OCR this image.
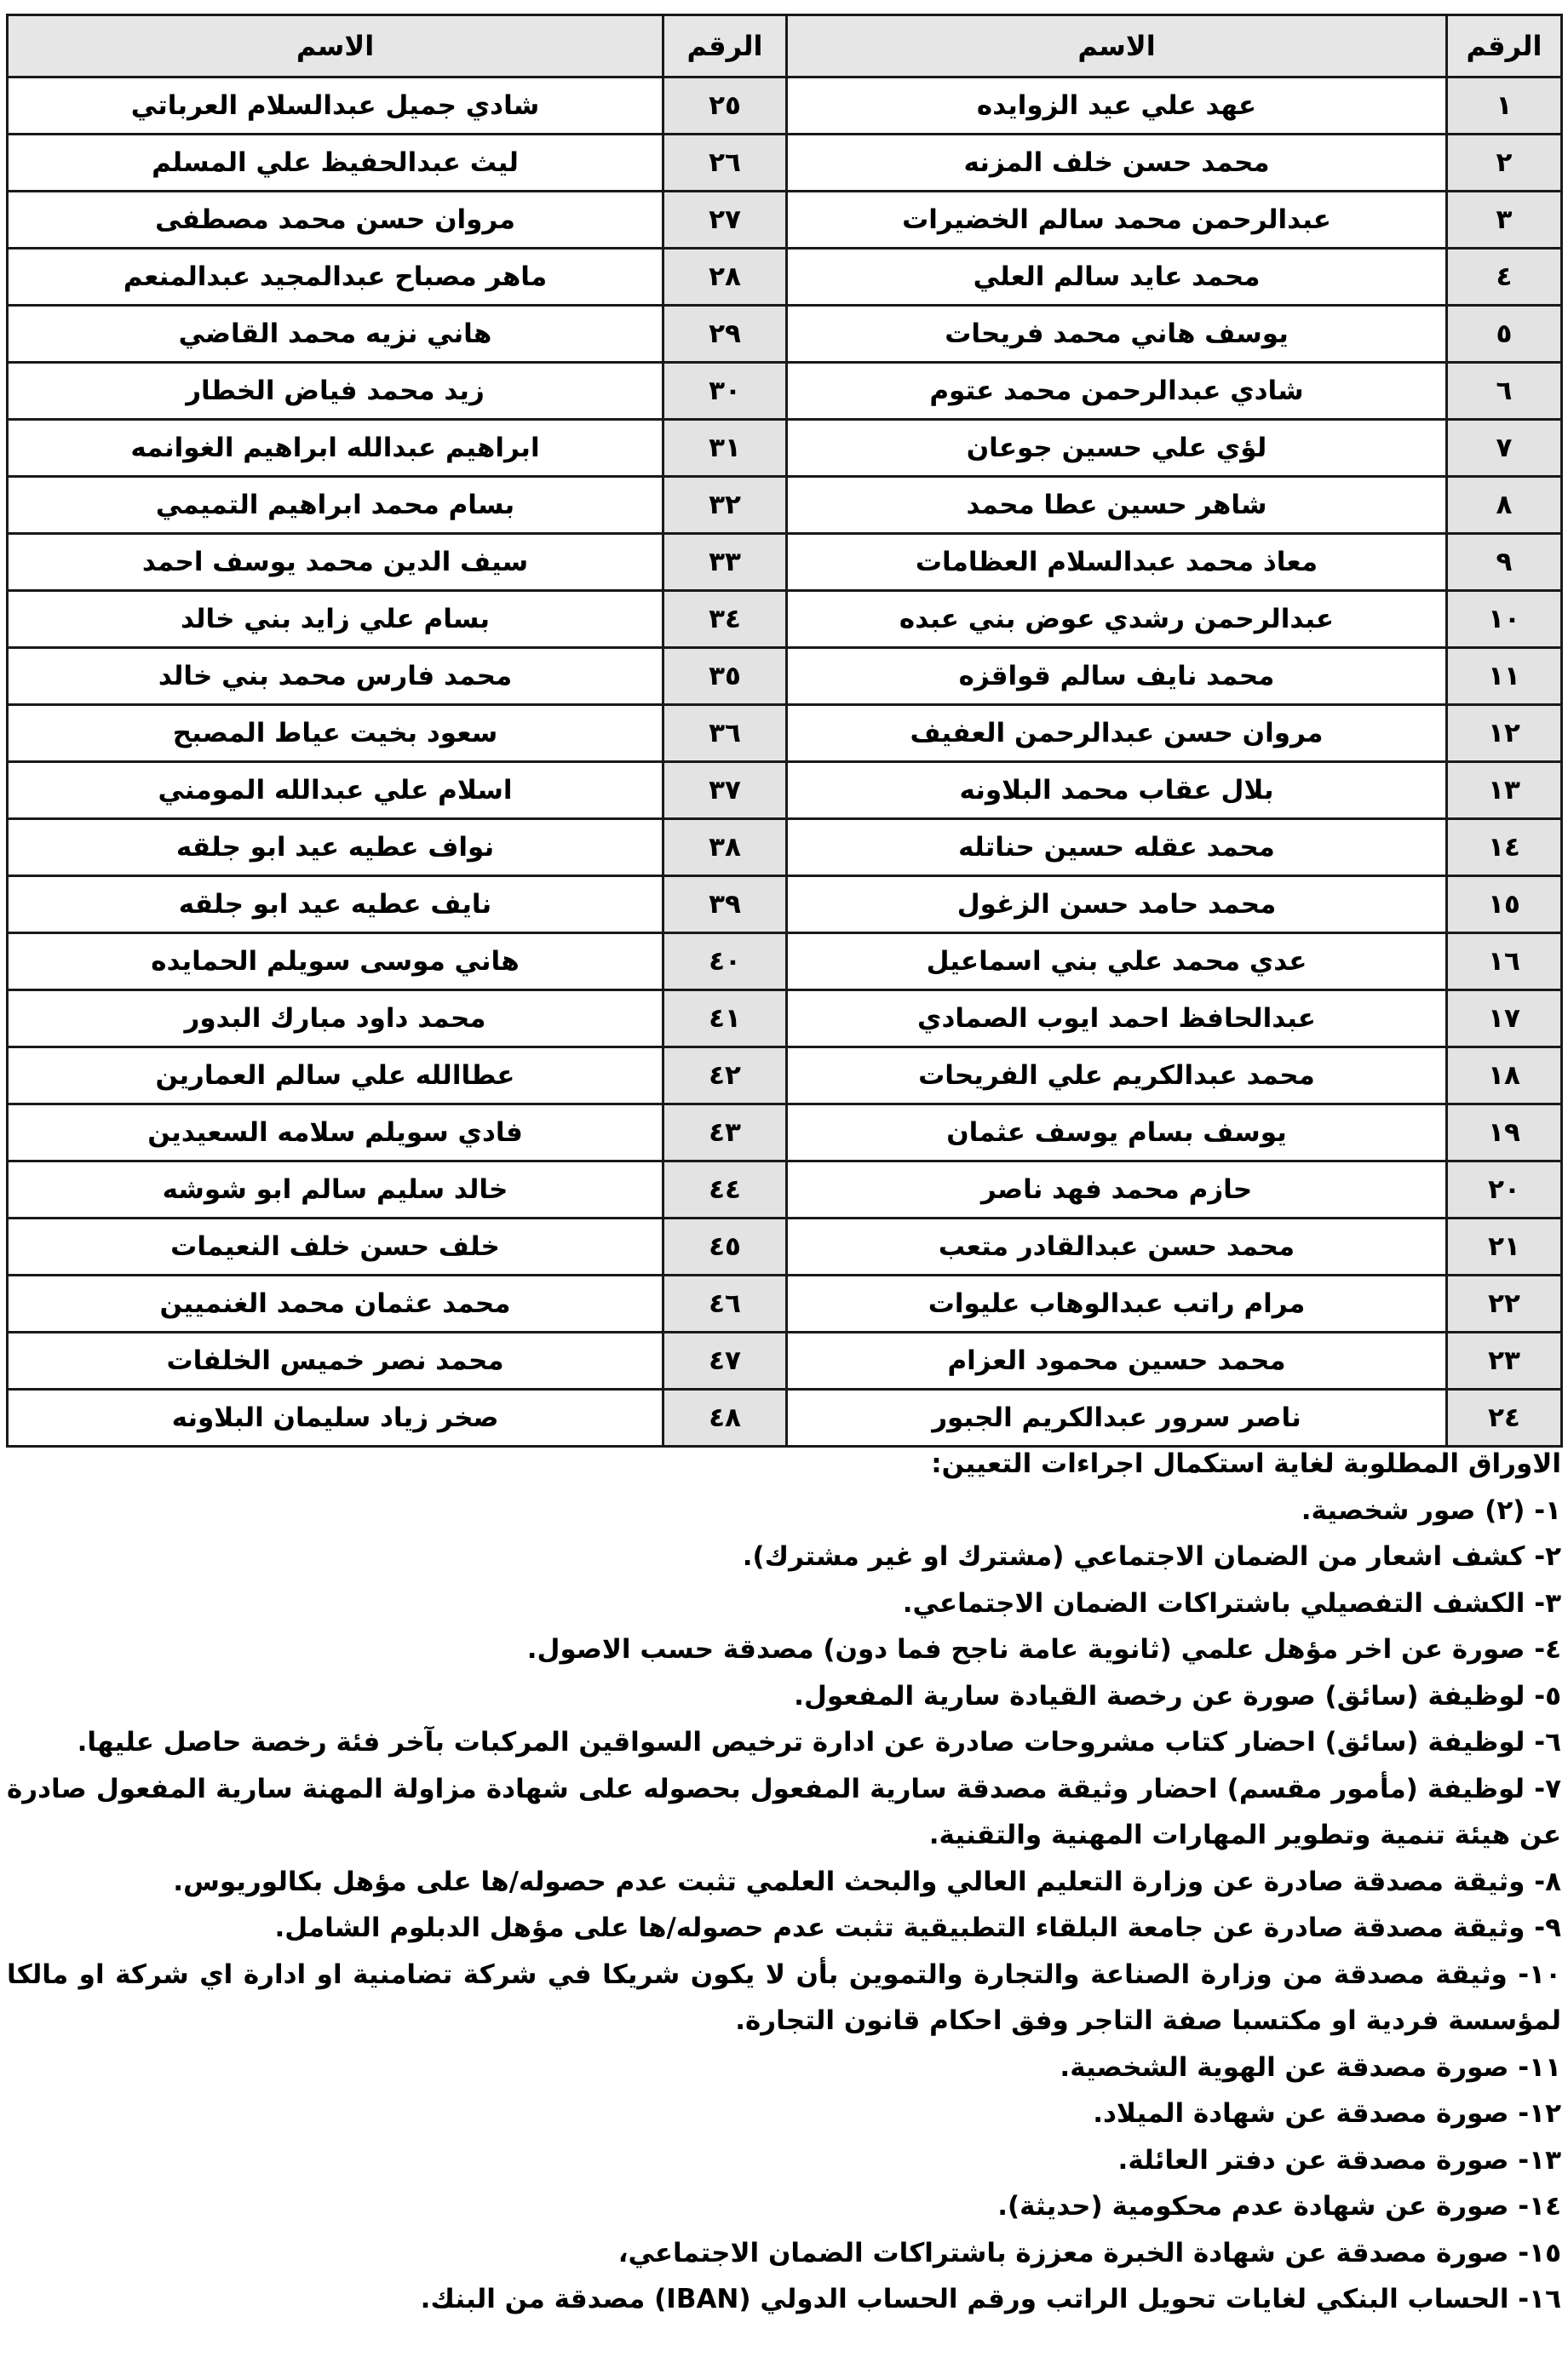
الرقم	الاسم	الرقم	الاسم
١	عهد علي عيد الزوايده	٢٥	شادي جميل عبدالسلام العرباتي
٢	محمد حسن خلف المزنه	٢٦	ليث عبدالحفيظ علي المسلم
٣	عبدالرحمن محمد سالم الخضيرات	٢٧	مروان حسن محمد مصطفى
٤	محمد عايد سالم العلي	٢٨	ماهر مصباح عبدالمجيد عبدالمنعم
٥	يوسف هاني محمد فريحات	٢٩	هاني نزيه محمد القاضي
٦	شادي عبدالرحمن محمد عتوم	٣٠	زيد محمد فياض الخطار
٧	لؤي علي حسين جوعان	٣١	ابراهيم عبدالله ابراهيم الغوانمه
٨	شاهر حسين عطا محمد	٣٢	بسام محمد ابراهيم التميمي
٩	معاذ محمد عبدالسلام العظامات	٣٣	سيف الدين محمد يوسف احمد
١٠	عبدالرحمن رشدي عوض بني عبده	٣٤	بسام علي زايد بني خالد
١١	محمد نايف سالم قواقزه	٣٥	محمد فارس محمد بني خالد
١٢	مروان حسن عبدالرحمن العفيف	٣٦	سعود بخيت عياط المصبح
١٣	بلال عقاب محمد البلاونه	٣٧	اسلام علي عبدالله المومني
١٤	محمد عقله حسين حناتله	٣٨	نواف عطيه عيد ابو جلقه
١٥	محمد حامد حسن الزغول	٣٩	نايف عطيه عيد ابو جلقه
١٦	عدي محمد علي بني اسماعيل	٤٠	هاني موسى سويلم الحمايده
١٧	عبدالحافظ احمد ايوب الصمادي	٤١	محمد داود مبارك البدور
١٨	محمد عبدالكريم علي الفريحات	٤٢	عطاالله علي سالم العمارين
١٩	يوسف بسام يوسف عثمان	٤٣	فادي سويلم سلامه السعيدين
٢٠	حازم محمد فهد ناصر	٤٤	خالد سليم سالم ابو شوشه
٢١	محمد حسن عبدالقادر متعب	٤٥	خلف حسن خلف النعيمات
٢٢	مرام راتب عبدالوهاب عليوات	٤٦	محمد عثمان محمد الغنميين
٢٣	محمد حسين محمود العزام	٤٧	محمد نصر خميس الخلفات
٢٤	ناصر سرور عبدالكريم الجبور	٤٨	صخر زياد سليمان البلاونه
الاوراق المطلوبة لغاية استكمال اجراءات التعيين:
١- (٢) صور شخصية.
٢- كشف اشعار من الضمان الاجتماعي (مشترك او غير مشترك).
٣- الكشف التفصيلي باشتراكات الضمان الاجتماعي.
٤- صورة عن اخر مؤهل علمي (ثانوية عامة ناجح فما دون) مصدقة حسب الاصول.
٥- لوظيفة (سائق) صورة عن رخصة القيادة سارية المفعول.
٦- لوظيفة (سائق) احضار كتاب مشروحات صادرة عن ادارة ترخيص السواقين المركبات بآخر فئة رخصة حاصل عليها.
٧- لوظيفة (مأمور مقسم) احضار وثيقة مصدقة سارية المفعول بحصوله على شهادة مزاولة المهنة سارية المفعول صادرة عن هيئة تنمية وتطوير المهارات المهنية والتقنية.
٨- وثيقة مصدقة صادرة عن وزارة التعليم العالي والبحث العلمي تثبت عدم حصوله/ها على مؤهل بكالوريوس.
٩- وثيقة مصدقة صادرة عن جامعة البلقاء التطبيقية تثبت عدم حصوله/ها على مؤهل الدبلوم الشامل.
١٠- وثيقة مصدقة من وزارة الصناعة والتجارة والتموين بأن لا يكون شريكا في شركة تضامنية او ادارة اي شركة او مالكا لمؤسسة فردية او مكتسبا صفة التاجر وفق احكام قانون التجارة.
١١- صورة مصدقة عن الهوية الشخصية.
١٢- صورة مصدقة عن شهادة الميلاد.
١٣- صورة مصدقة عن دفتر العائلة.
١٤- صورة عن شهادة عدم محكومية (حديثة).
١٥- صورة مصدقة عن شهادة الخبرة معززة باشتراكات الضمان الاجتماعي،
١٦- الحساب البنكي لغايات تحويل الراتب ورقم الحساب الدولي (IBAN) مصدقة من البنك.
